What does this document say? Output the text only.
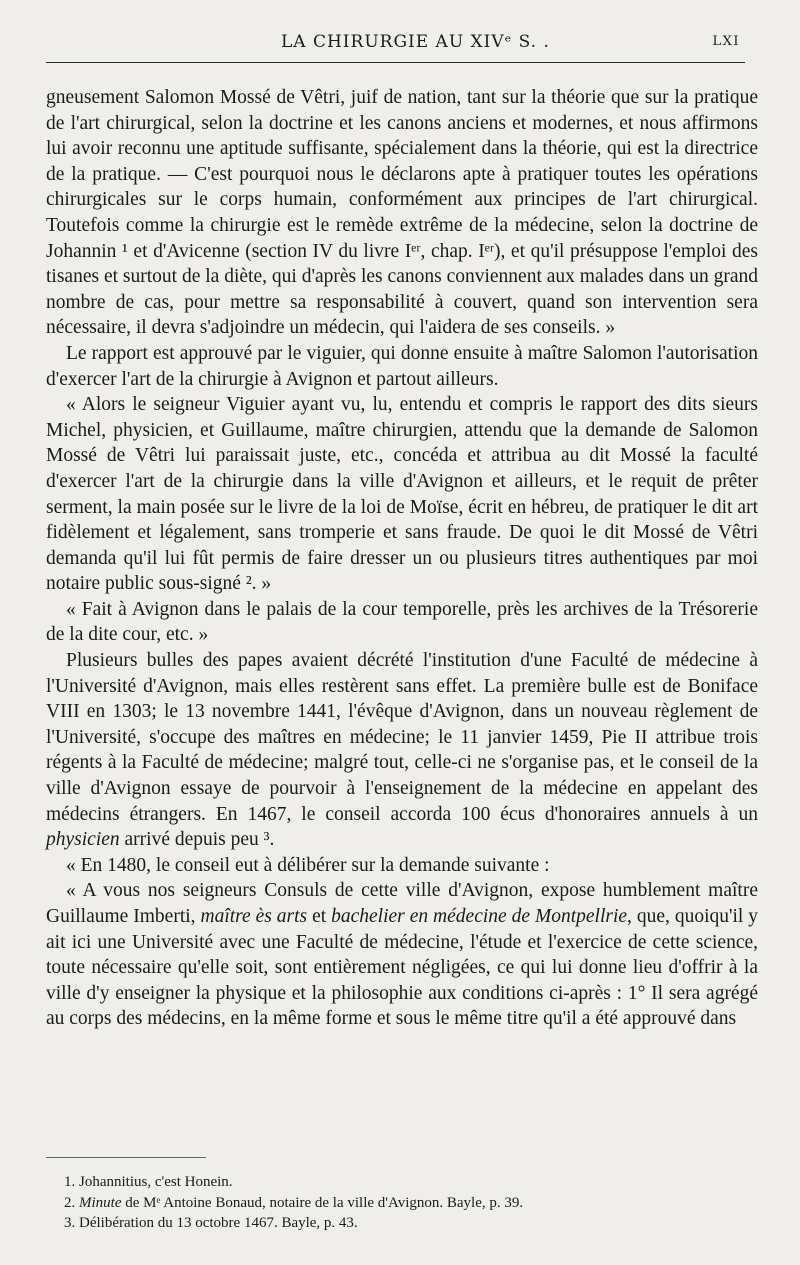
LA CHIRURGIE AU XIVᵉ S. .	LXI

gneusement Salomon Mossé de Vêtri, juif de nation, tant sur la théorie que sur la pratique de l'art chirurgical, selon la doctrine et les canons anciens et modernes, et nous affirmons lui avoir reconnu une aptitude suffisante, spécialement dans la théorie, qui est la directrice de la pratique. — C'est pourquoi nous le déclarons apte à pratiquer toutes les opérations chirurgicales sur le corps humain, conformément aux principes de l'art chirurgical. Toutefois comme la chirurgie est le remède extrême de la médecine, selon la doctrine de Johannin ¹ et d'Avicenne (section IV du livre Iᵉʳ, chap. Iᵉʳ), et qu'il présuppose l'emploi des tisanes et surtout de la diète, qui d'après les canons conviennent aux malades dans un grand nombre de cas, pour mettre sa responsabilité à couvert, quand son intervention sera nécessaire, il devra s'adjoindre un médecin, qui l'aidera de ses conseils. »

Le rapport est approuvé par le viguier, qui donne ensuite à maître Salomon l'autorisation d'exercer l'art de la chirurgie à Avignon et partout ailleurs.

« Alors le seigneur Viguier ayant vu, lu, entendu et compris le rapport des dits sieurs Michel, physicien, et Guillaume, maître chirurgien, attendu que la demande de Salomon Mossé de Vêtri lui paraissait juste, etc., concéda et attribua au dit Mossé la faculté d'exercer l'art de la chirurgie dans la ville d'Avignon et ailleurs, et le requit de prêter serment, la main posée sur le livre de la loi de Moïse, écrit en hébreu, de pratiquer le dit art fidèlement et légalement, sans tromperie et sans fraude. De quoi le dit Mossé de Vêtri demanda qu'il lui fût permis de faire dresser un ou plusieurs titres authentiques par moi notaire public sous-signé ². »

« Fait à Avignon dans le palais de la cour temporelle, près les archives de la Trésorerie de la dite cour, etc. »

Plusieurs bulles des papes avaient décrété l'institution d'une Faculté de médecine à l'Université d'Avignon, mais elles restèrent sans effet. La première bulle est de Boniface VIII en 1303; le 13 novembre 1441, l'évêque d'Avignon, dans un nouveau règlement de l'Université, s'occupe des maîtres en médecine; le 11 janvier 1459, Pie II attribue trois régents à la Faculté de médecine; malgré tout, celle-ci ne s'organise pas, et le conseil de la ville d'Avignon essaye de pourvoir à l'enseignement de la médecine en appelant des médecins étrangers. En 1467, le conseil accorda 100 écus d'honoraires annuels à un physicien arrivé depuis peu ³.

« En 1480, le conseil eut à délibérer sur la demande suivante :

« A vous nos seigneurs Consuls de cette ville d'Avignon, expose humblement maître Guillaume Imberti, maître ès arts et bachelier en médecine de Montpellrie, que, quoiqu'il y ait ici une Université avec une Faculté de médecine, l'étude et l'exercice de cette science, toute nécessaire qu'elle soit, sont entièrement négligées, ce qui lui donne lieu d'offrir à la ville d'y enseigner la physique et la philosophie aux conditions ci-après : 1° Il sera agrégé au corps des médecins, en la même forme et sous le même titre qu'il a été approuvé dans

1. Johannitius, c'est Honein.
2. Minute de Mᵉ Antoine Bonaud, notaire de la ville d'Avignon. Bayle, p. 39.
3. Délibération du 13 octobre 1467. Bayle, p. 43.
